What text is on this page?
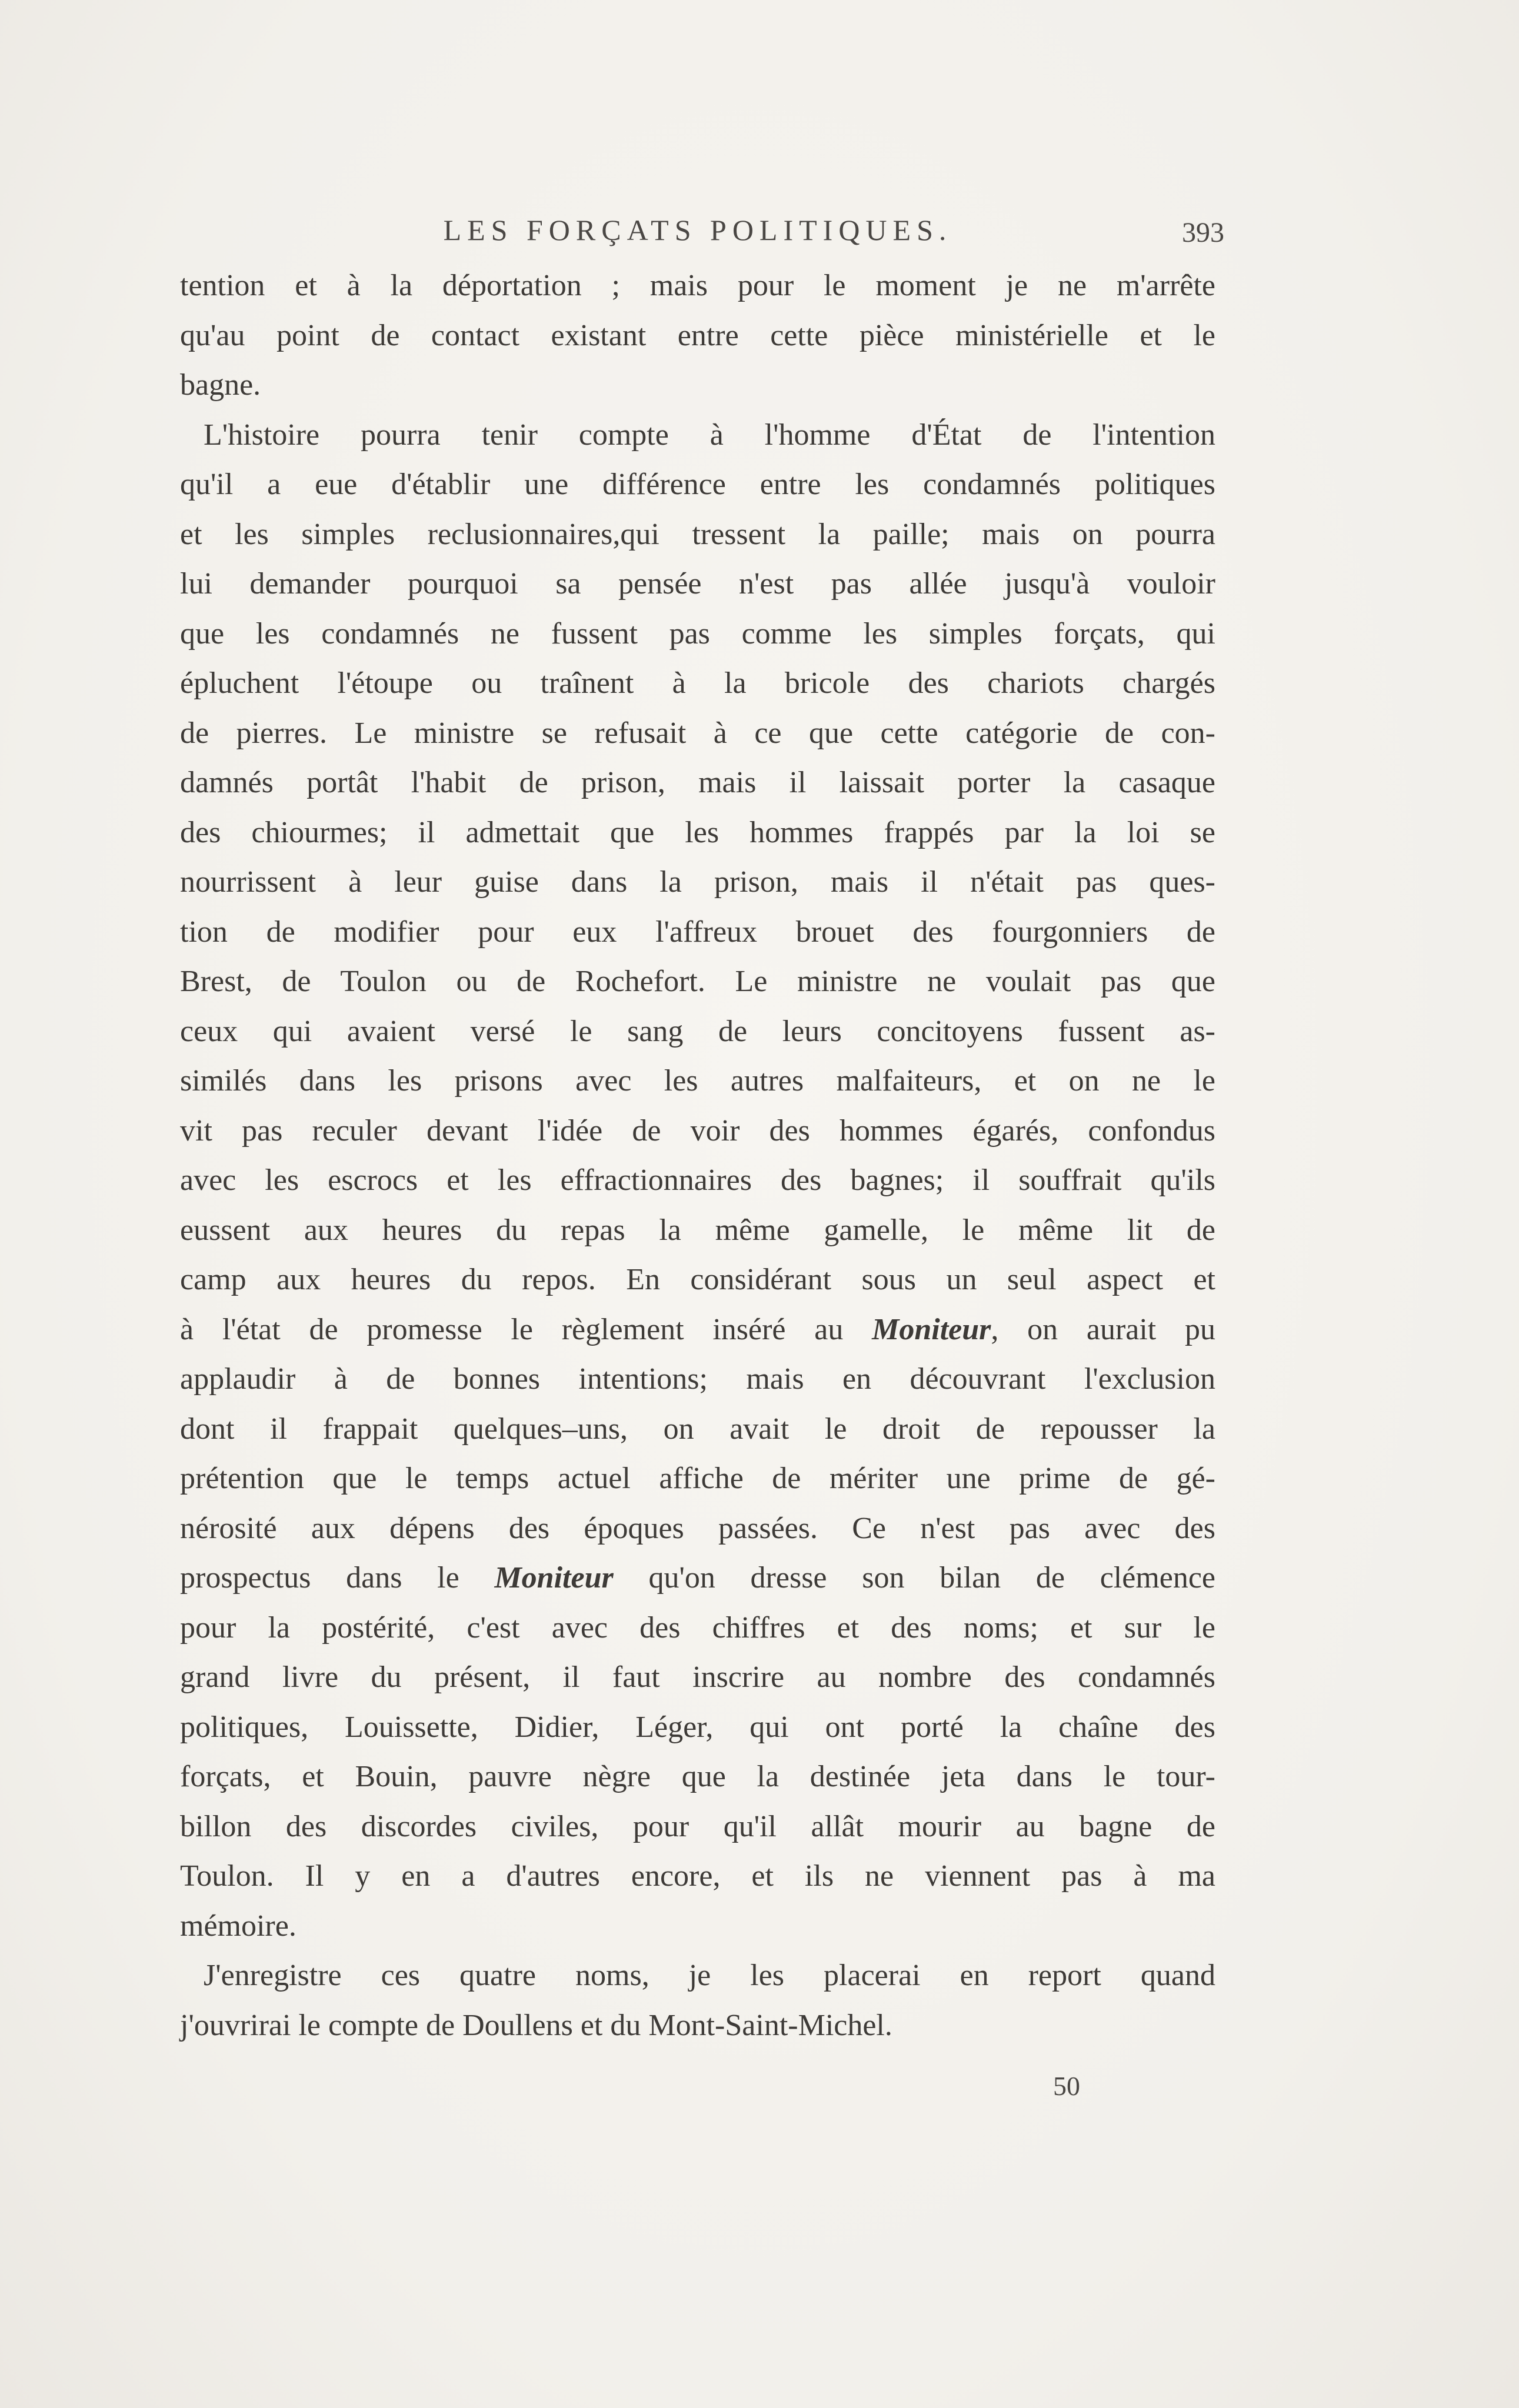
LES FORÇATS POLITIQUES.	393
tention et à la déportation ; mais pour le moment je ne m'arrête
qu'au point de contact existant entre cette pièce ministérielle et le
bagne.
L'histoire pourra tenir compte à l'homme d'État de l'intention
qu'il a eue d'établir une différence entre les condamnés politiques
et les simples reclusionnaires,qui tressent la paille; mais on pourra
lui demander pourquoi sa pensée n'est pas allée jusqu'à vouloir
que les condamnés ne fussent pas comme les simples forçats, qui
épluchent l'étoupe ou traînent à la bricole des chariots chargés
de pierres. Le ministre se refusait à ce que cette catégorie de con-
damnés portât l'habit de prison, mais il laissait porter la casaque
des chiourmes; il admettait que les hommes frappés par la loi se
nourrissent à leur guise dans la prison, mais il n'était pas ques-
tion de modifier pour eux l'affreux brouet des fourgonniers de
Brest, de Toulon ou de Rochefort. Le ministre ne voulait pas que
ceux qui avaient versé le sang de leurs concitoyens fussent as-
similés dans les prisons avec les autres malfaiteurs, et on ne le
vit pas reculer devant l'idée de voir des hommes égarés, confondus
avec les escrocs et les effractionnaires des bagnes; il souffrait qu'ils
eussent aux heures du repas la même gamelle, le même lit de
camp aux heures du repos. En considérant sous un seul aspect et
à l'état de promesse le règlement inséré au Moniteur, on aurait pu
applaudir à de bonnes intentions; mais en découvrant l'exclusion
dont il frappait quelques–uns, on avait le droit de repousser la
prétention que le temps actuel affiche de mériter une prime de gé-
nérosité aux dépens des époques passées. Ce n'est pas avec des
prospectus dans le Moniteur qu'on dresse son bilan de clémence
pour la postérité, c'est avec des chiffres et des noms; et sur le
grand livre du présent, il faut inscrire au nombre des condamnés
politiques, Louissette, Didier, Léger, qui ont porté la chaîne des
forçats, et Bouin, pauvre nègre que la destinée jeta dans le tour-
billon des discordes civiles, pour qu'il allât mourir au bagne de
Toulon. Il y en a d'autres encore, et ils ne viennent pas à ma
mémoire.
J'enregistre ces quatre noms, je les placerai en report quand
j'ouvrirai le compte de Doullens et du Mont-Saint-Michel.
50
